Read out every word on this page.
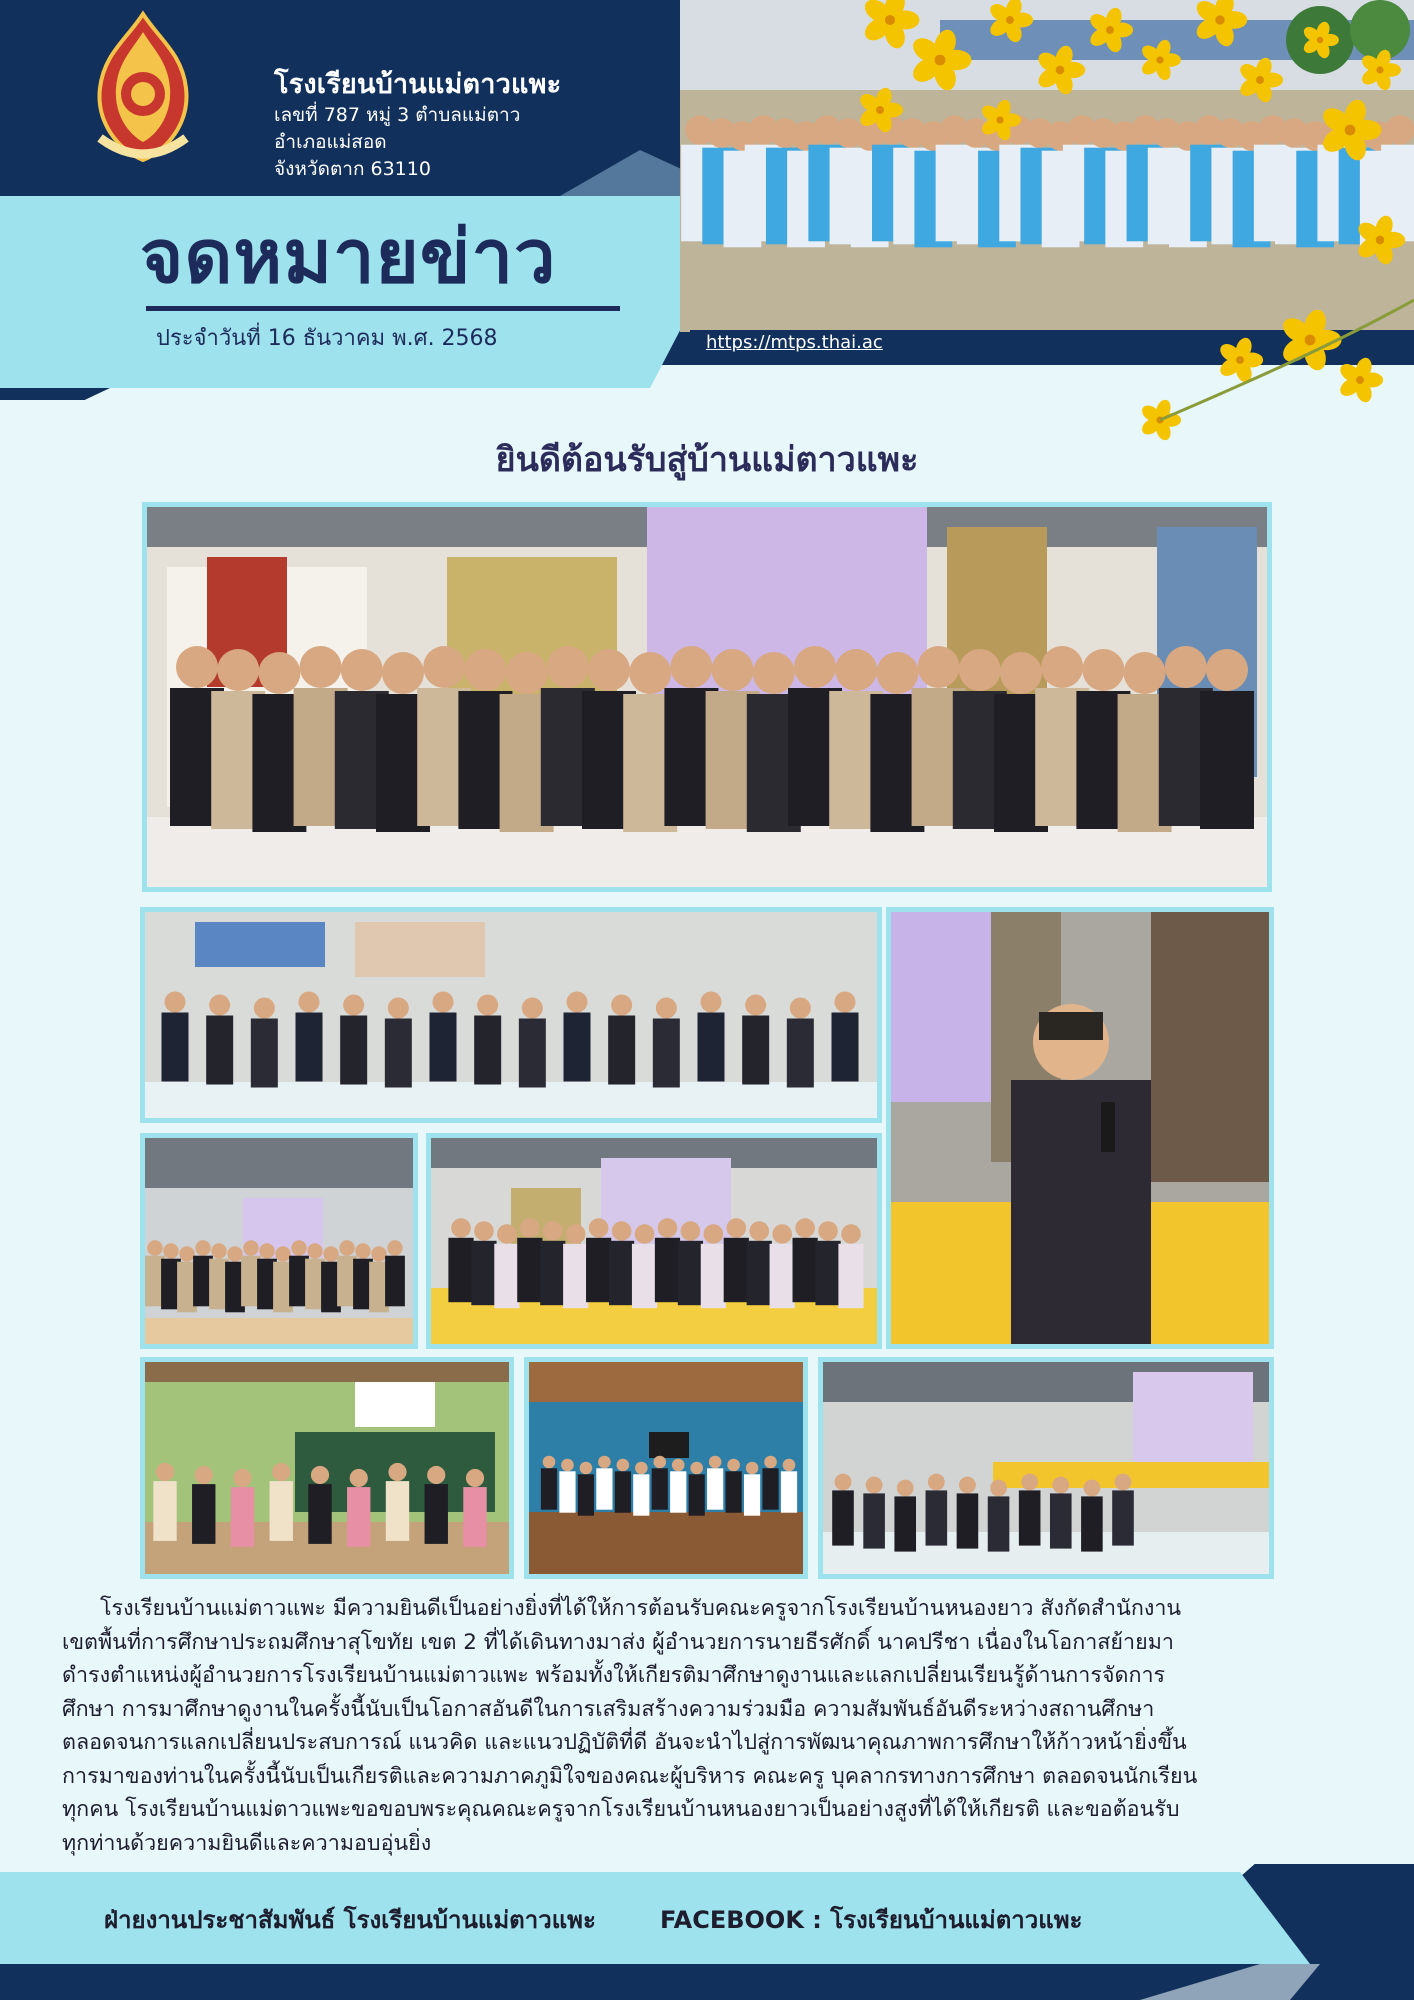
โรงเรียนบ้านแม่ตาวแพะ
เลขที่ 787 หมู่ 3 ตำบลแม่ตาว
อำเภอแม่สอด
จังหวัดตาก 63110
จดหมายข่าว
ประจำวันที่ 16 ธันวาคม พ.ศ. 2568	https://mtps.thai.ac
ยินดีต้อนรับสู่บ้านแม่ตาวแพะ

โรงเรียนบ้านแม่ตาวแพะ มีความยินดีเป็นอย่างยิ่งที่ได้ให้การต้อนรับคณะครูจากโรงเรียนบ้านหนองยาว สังกัดสำนักงาน
เขตพื้นที่การศึกษาประถมศึกษาสุโขทัย เขต 2 ที่ได้เดินทางมาส่ง ผู้อำนวยการนายธีรศักดิ์ นาคปรีชา เนื่องในโอกาสย้ายมา
ดำรงตำแหน่งผู้อำนวยการโรงเรียนบ้านแม่ตาวแพะ พร้อมทั้งให้เกียรติมาศึกษาดูงานและแลกเปลี่ยนเรียนรู้ด้านการจัดการ
ศึกษา การมาศึกษาดูงานในครั้งนี้นับเป็นโอกาสอันดีในการเสริมสร้างความร่วมมือ ความสัมพันธ์อันดีระหว่างสถานศึกษา
ตลอดจนการแลกเปลี่ยนประสบการณ์ แนวคิด และแนวปฏิบัติที่ดี อันจะนำไปสู่การพัฒนาคุณภาพการศึกษาให้ก้าวหน้ายิ่งขึ้น
การมาของท่านในครั้งนี้นับเป็นเกียรติและความภาคภูมิใจของคณะผู้บริหาร คณะครู บุคลากรทางการศึกษา ตลอดจนนักเรียน
ทุกคน โรงเรียนบ้านแม่ตาวแพะขอขอบพระคุณคณะครูจากโรงเรียนบ้านหนองยาวเป็นอย่างสูงที่ได้ให้เกียรติ และขอต้อนรับ
ทุกท่านด้วยความยินดีและความอบอุ่นยิ่ง

ฝ่ายงานประชาสัมพันธ์ โรงเรียนบ้านแม่ตาวแพะ	FACEBOOK : โรงเรียนบ้านแม่ตาวแพะ
